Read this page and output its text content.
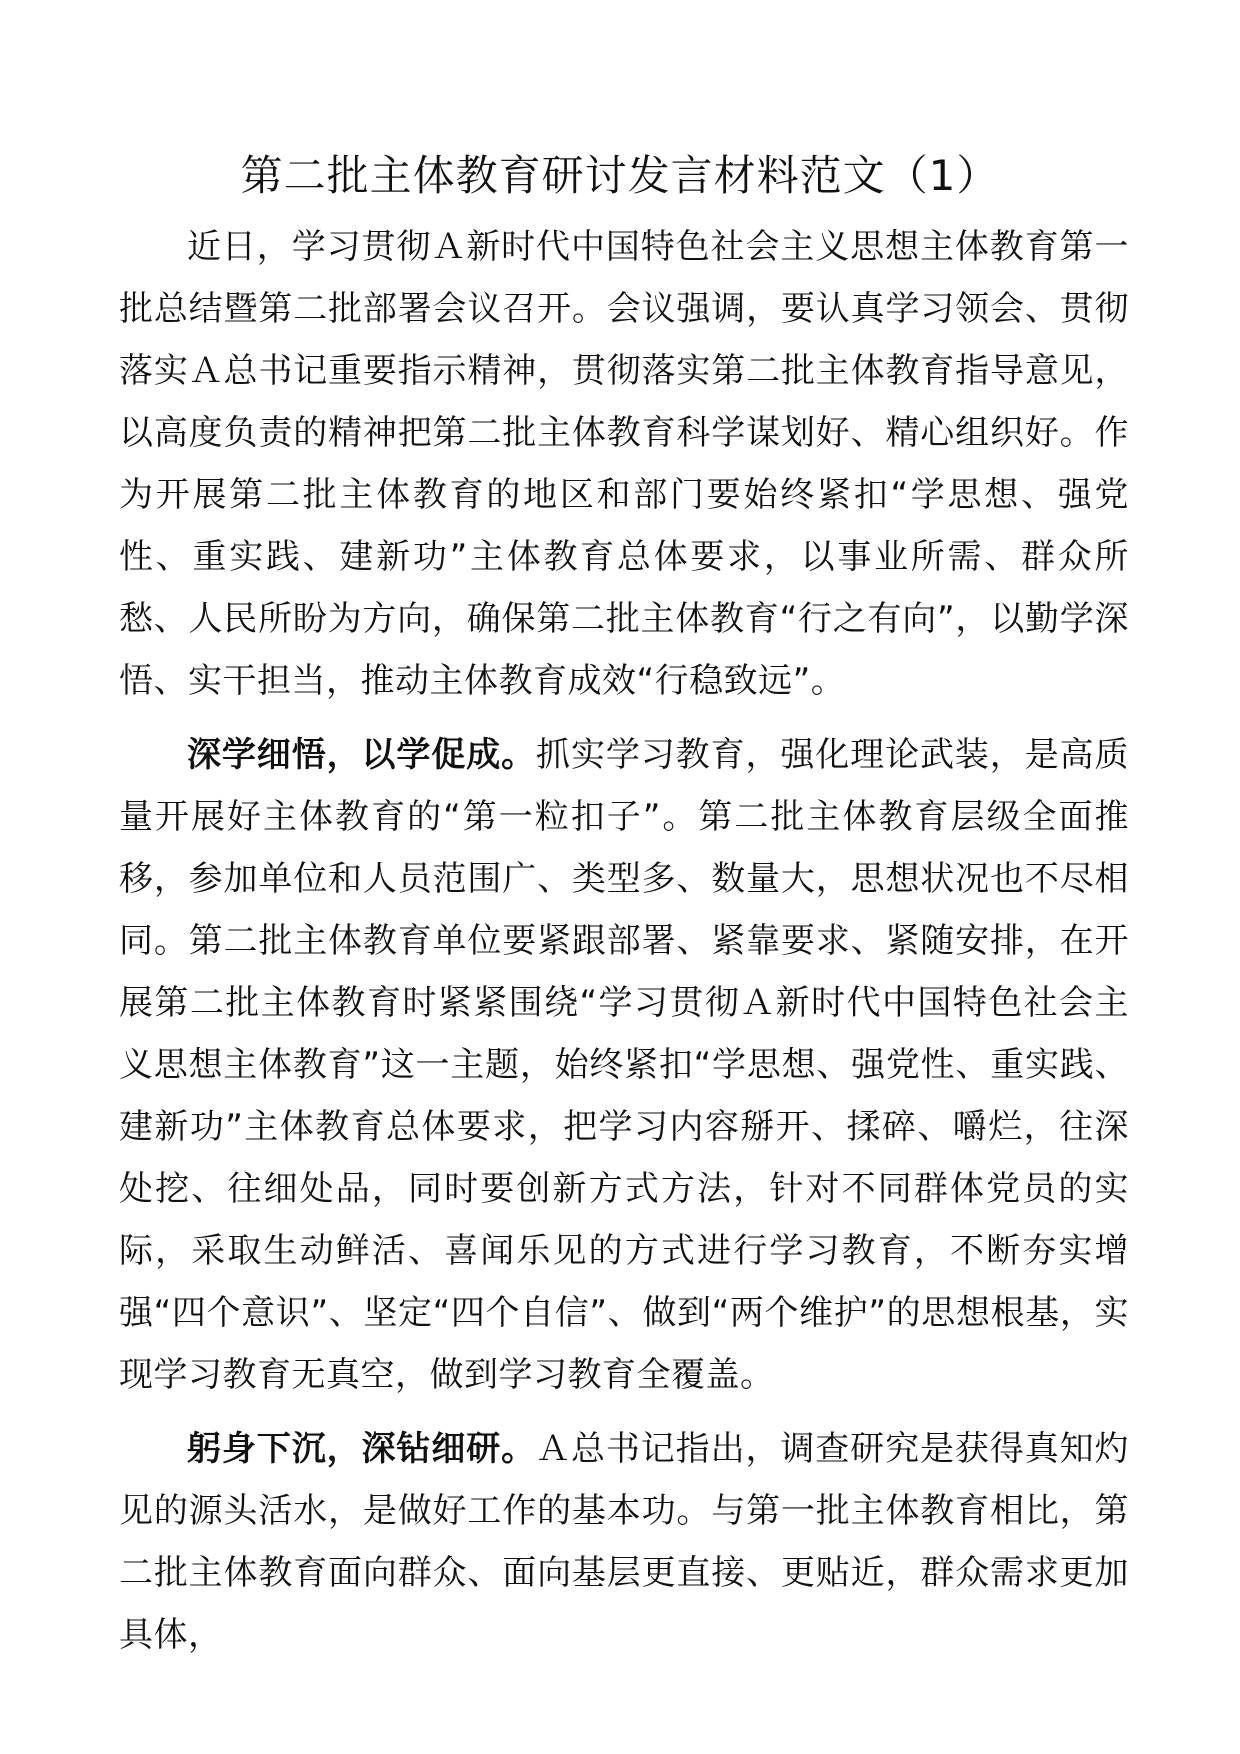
第二批主体教育研讨发言材料范文（1）

近日，学习贯彻Ａ新时代中国特色社会主义思想主体教育第一批总结暨第二批部署会议召开。会议强调，要认真学习领会、贯彻落实Ａ总书记重要指示精神，贯彻落实第二批主体教育指导意见，以高度负责的精神把第二批主体教育科学谋划好、精心组织好。作为开展第二批主体教育的地区和部门要始终紧扣“学思想、强党性、重实践、建新功”主体教育总体要求，以事业所需、群众所愁、人民所盼为方向，确保第二批主体教育“行之有向”，以勤学深悟、实干担当，推动主体教育成效“行稳致远”。

深学细悟，以学促成。抓实学习教育，强化理论武装，是高质量开展好主体教育的“第一粒扣子”。第二批主体教育层级全面推移，参加单位和人员范围广、类型多、数量大，思想状况也不尽相同。第二批主体教育单位要紧跟部署、紧靠要求、紧随安排，在开展第二批主体教育时紧紧围绕“学习贯彻Ａ新时代中国特色社会主义思想主体教育”这一主题，始终紧扣“学思想、强党性、重实践、建新功”主体教育总体要求，把学习内容掰开、揉碎、嚼烂，往深处挖、往细处品，同时要创新方式方法，针对不同群体党员的实际，采取生动鲜活、喜闻乐见的方式进行学习教育，不断夯实增强“四个意识”、坚定“四个自信”、做到“两个维护”的思想根基，实现学习教育无真空，做到学习教育全覆盖。

躬身下沉，深钻细研。Ａ总书记指出，调查研究是获得真知灼见的源头活水，是做好工作的基本功。与第一批主体教育相比，第二批主体教育面向群众、面向基层更直接、更贴近，群众需求更加具体，
